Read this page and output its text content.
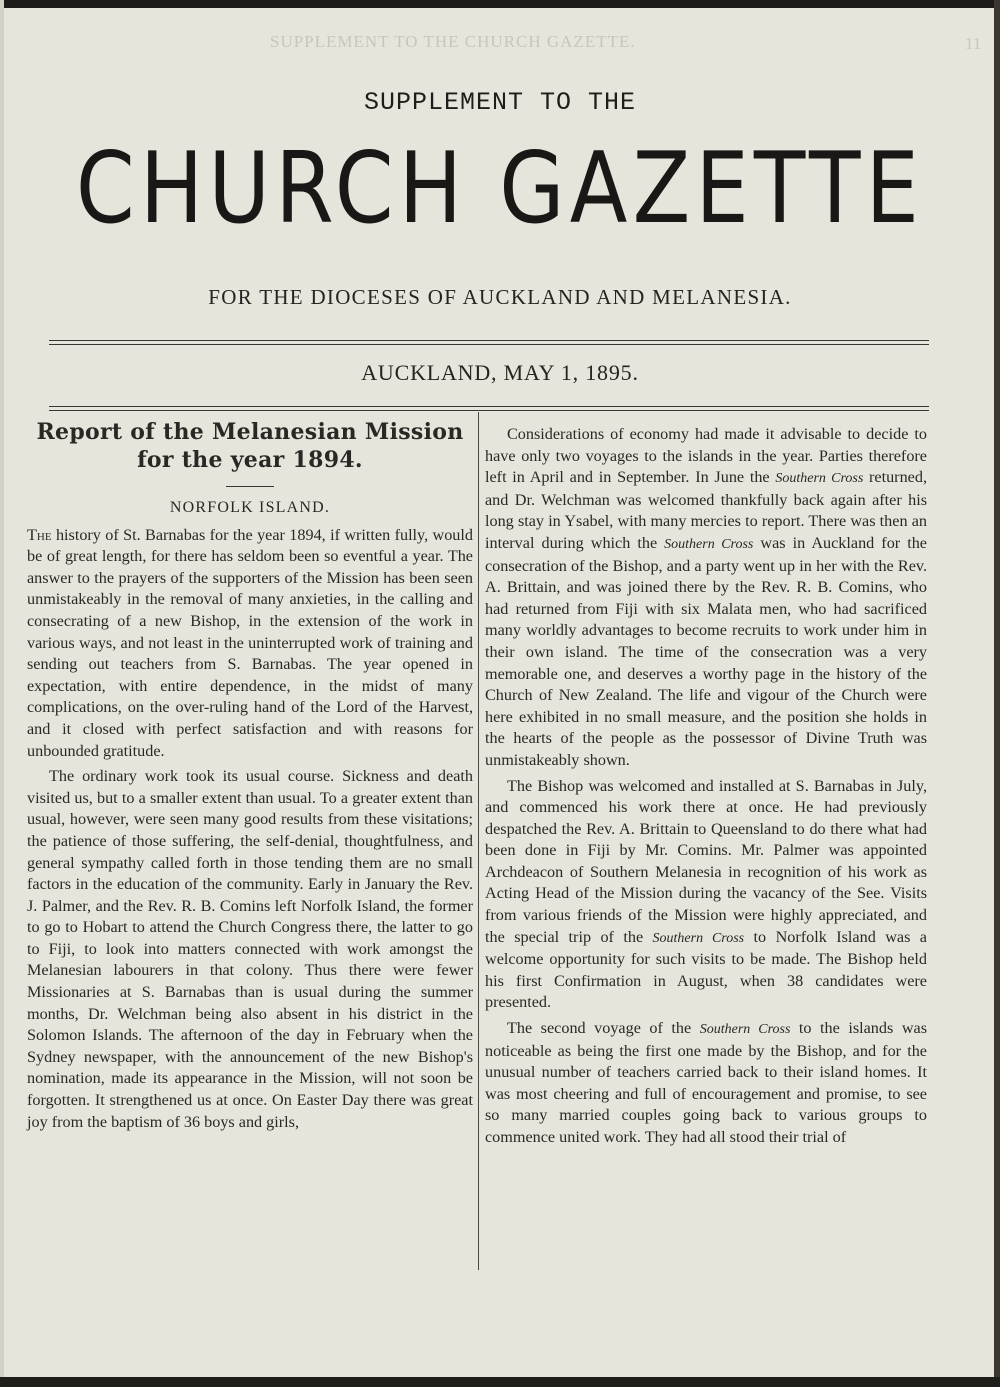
SUPPLEMENT TO THE CHURCH GAZETTE.	11
SUPPLEMENT TO THE
CHURCH GAZETTE
FOR THE DIOCESES OF AUCKLAND AND MELANESIA.
AUCKLAND, MAY 1, 1895.
Report of the Melanesian Mission for the year 1894.
NORFOLK ISLAND.

The history of St. Barnabas for the year 1894, if written fully, would be of great length, for there has seldom been so eventful a year. The answer to the prayers of the supporters of the Mission has been seen unmistakeably in the removal of many anxieties, in the calling and consecrating of a new Bishop, in the extension of the work in various ways, and not least in the uninterrupted work of training and sending out teachers from S. Barnabas. The year opened in expectation, with entire dependence, in the midst of many complications, on the over-ruling hand of the Lord of the Harvest, and it closed with perfect satisfaction and with reasons for unbounded gratitude.

The ordinary work took its usual course. Sickness and death visited us, but to a smaller extent than usual. To a greater extent than usual, however, were seen many good results from these visitations; the patience of those suffering, the self-denial, thoughtfulness, and general sympathy called forth in those tending them are no small factors in the education of the community. Early in January the Rev. J. Palmer, and the Rev. R. B. Comins left Norfolk Island, the former to go to Hobart to attend the Church Congress there, the latter to go to Fiji, to look into matters connected with work amongst the Melanesian labourers in that colony. Thus there were fewer Missionaries at S. Barnabas than is usual during the summer months, Dr. Welchman being also absent in his district in the Solomon Islands. The afternoon of the day in February when the Sydney newspaper, with the announcement of the new Bishop's nomination, made its appearance in the Mission, will not soon be forgotten. It strengthened us at once. On Easter Day there was great joy from the baptism of 36 boys and girls,

Considerations of economy had made it advisable to decide to have only two voyages to the islands in the year. Parties therefore left in April and in September. In June the Southern Cross returned, and Dr. Welchman was welcomed thankfully back again after his long stay in Ysabel, with many mercies to report. There was then an interval during which the Southern Cross was in Auckland for the consecration of the Bishop, and a party went up in her with the Rev. A. Brittain, and was joined there by the Rev. R. B. Comins, who had returned from Fiji with six Malata men, who had sacrificed many worldly advantages to become recruits to work under him in their own island. The time of the consecration was a very memorable one, and deserves a worthy page in the history of the Church of New Zealand. The life and vigour of the Church were here exhibited in no small measure, and the position she holds in the hearts of the people as the possessor of Divine Truth was unmistakeably shown.

The Bishop was welcomed and installed at S. Barnabas in July, and commenced his work there at once. He had previously despatched the Rev. A. Brittain to Queensland to do there what had been done in Fiji by Mr. Comins. Mr. Palmer was appointed Archdeacon of Southern Melanesia in recognition of his work as Acting Head of the Mission during the vacancy of the See. Visits from various friends of the Mission were highly appreciated, and the special trip of the Southern Cross to Norfolk Island was a welcome opportunity for such visits to be made. The Bishop held his first Confirmation in August, when 38 candidates were presented.

The second voyage of the Southern Cross to the islands was noticeable as being the first one made by the Bishop, and for the unusual number of teachers carried back to their island homes. It was most cheering and full of encouragement and promise, to see so many married couples going back to various groups to commence united work. They had all stood their trial of
